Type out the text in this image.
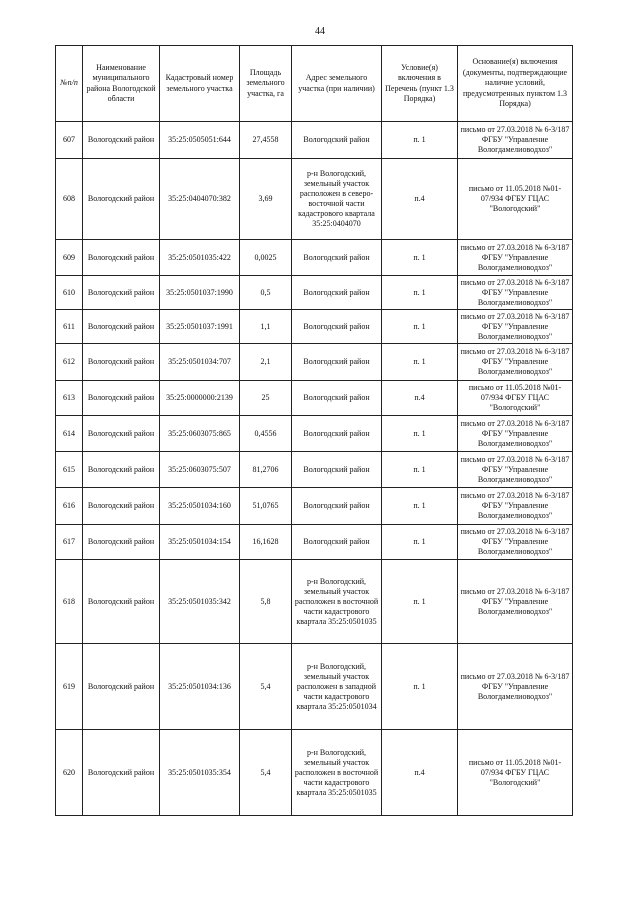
44
№п/п	Наименование муниципального района Вологодской области	Кадастровый номер земельного участка	Площадь земельного участка, га	Адрес земельного участка (при наличии)	Условие(я) включения в Перечень (пункт 1.3 Порядка)	Основание(я) включения (документы, подтверждающие наличие условий, предусмотренных пунктом 1.3 Порядка)
607	Вологодский район	35:25:0505051:644	27,4558	Вологодский район	п. 1	письмо от 27.03.2018 № 6-3/187 ФГБУ "Управление Вологдамелиоводхоз"
608	Вологодский район	35:25:0404070:382	3,69	р-н Вологодский, земельный участок расположен в северо-восточной части кадастрового квартала 35:25:0404070	п.4	письмо от 11.05.2018 №01-07/934 ФГБУ ГЦАС "Вологодский"
609	Вологодский район	35:25:0501035:422	0,0025	Вологодский район	п. 1	письмо от 27.03.2018 № 6-3/187 ФГБУ "Управление Вологдамелиоводхоз"
610	Вологодский район	35:25:0501037:1990	0,5	Вологодский район	п. 1	письмо от 27.03.2018 № 6-3/187 ФГБУ "Управление Вологдамелиоводхоз"
611	Вологодский район	35:25:0501037:1991	1,1	Вологодский район	п. 1	письмо от 27.03.2018 № 6-3/187 ФГБУ "Управление Вологдамелиоводхоз"
612	Вологодский район	35:25:0501034:707	2,1	Вологодский район	п. 1	письмо от 27.03.2018 № 6-3/187 ФГБУ "Управление Вологдамелиоводхоз"
613	Вологодский район	35:25:0000000:2139	25	Вологодский район	п.4	письмо от 11.05.2018 №01-07/934 ФГБУ ГЦАС "Вологодский"
614	Вологодский район	35:25:0603075:865	0,4556	Вологодский район	п. 1	письмо от 27.03.2018 № 6-3/187 ФГБУ "Управление Вологдамелиоводхоз"
615	Вологодский район	35:25:0603075:507	81,2706	Вологодский район	п. 1	письмо от 27.03.2018 № 6-3/187 ФГБУ "Управление Вологдамелиоводхоз"
616	Вологодский район	35:25:0501034:160	51,0765	Вологодский район	п. 1	письмо от 27.03.2018 № 6-3/187 ФГБУ "Управление Вологдамелиоводхоз"
617	Вологодский район	35:25:0501034:154	16,1628	Вологодский район	п. 1	письмо от 27.03.2018 № 6-3/187 ФГБУ "Управление Вологдамелиоводхоз"
618	Вологодский район	35:25:0501035:342	5,8	р-н Вологодский, земельный участок расположен в восточной части кадастрового квартала 35:25:0501035	п. 1	письмо от 27.03.2018 № 6-3/187 ФГБУ "Управление Вологдамелиоводхоз"
619	Вологодский район	35:25:0501034:136	5,4	р-н Вологодский, земельный участок расположен в западной части кадастрового квартала 35:25:0501034	п. 1	письмо от 27.03.2018 № 6-3/187 ФГБУ "Управление Вологдамелиоводхоз"
620	Вологодский район	35:25:0501035:354	5,4	р-н Вологодский, земельный участок расположен в восточной части кадастрового квартала 35:25:0501035	п.4	письмо от 11.05.2018 №01-07/934 ФГБУ ГЦАС "Вологодский"
